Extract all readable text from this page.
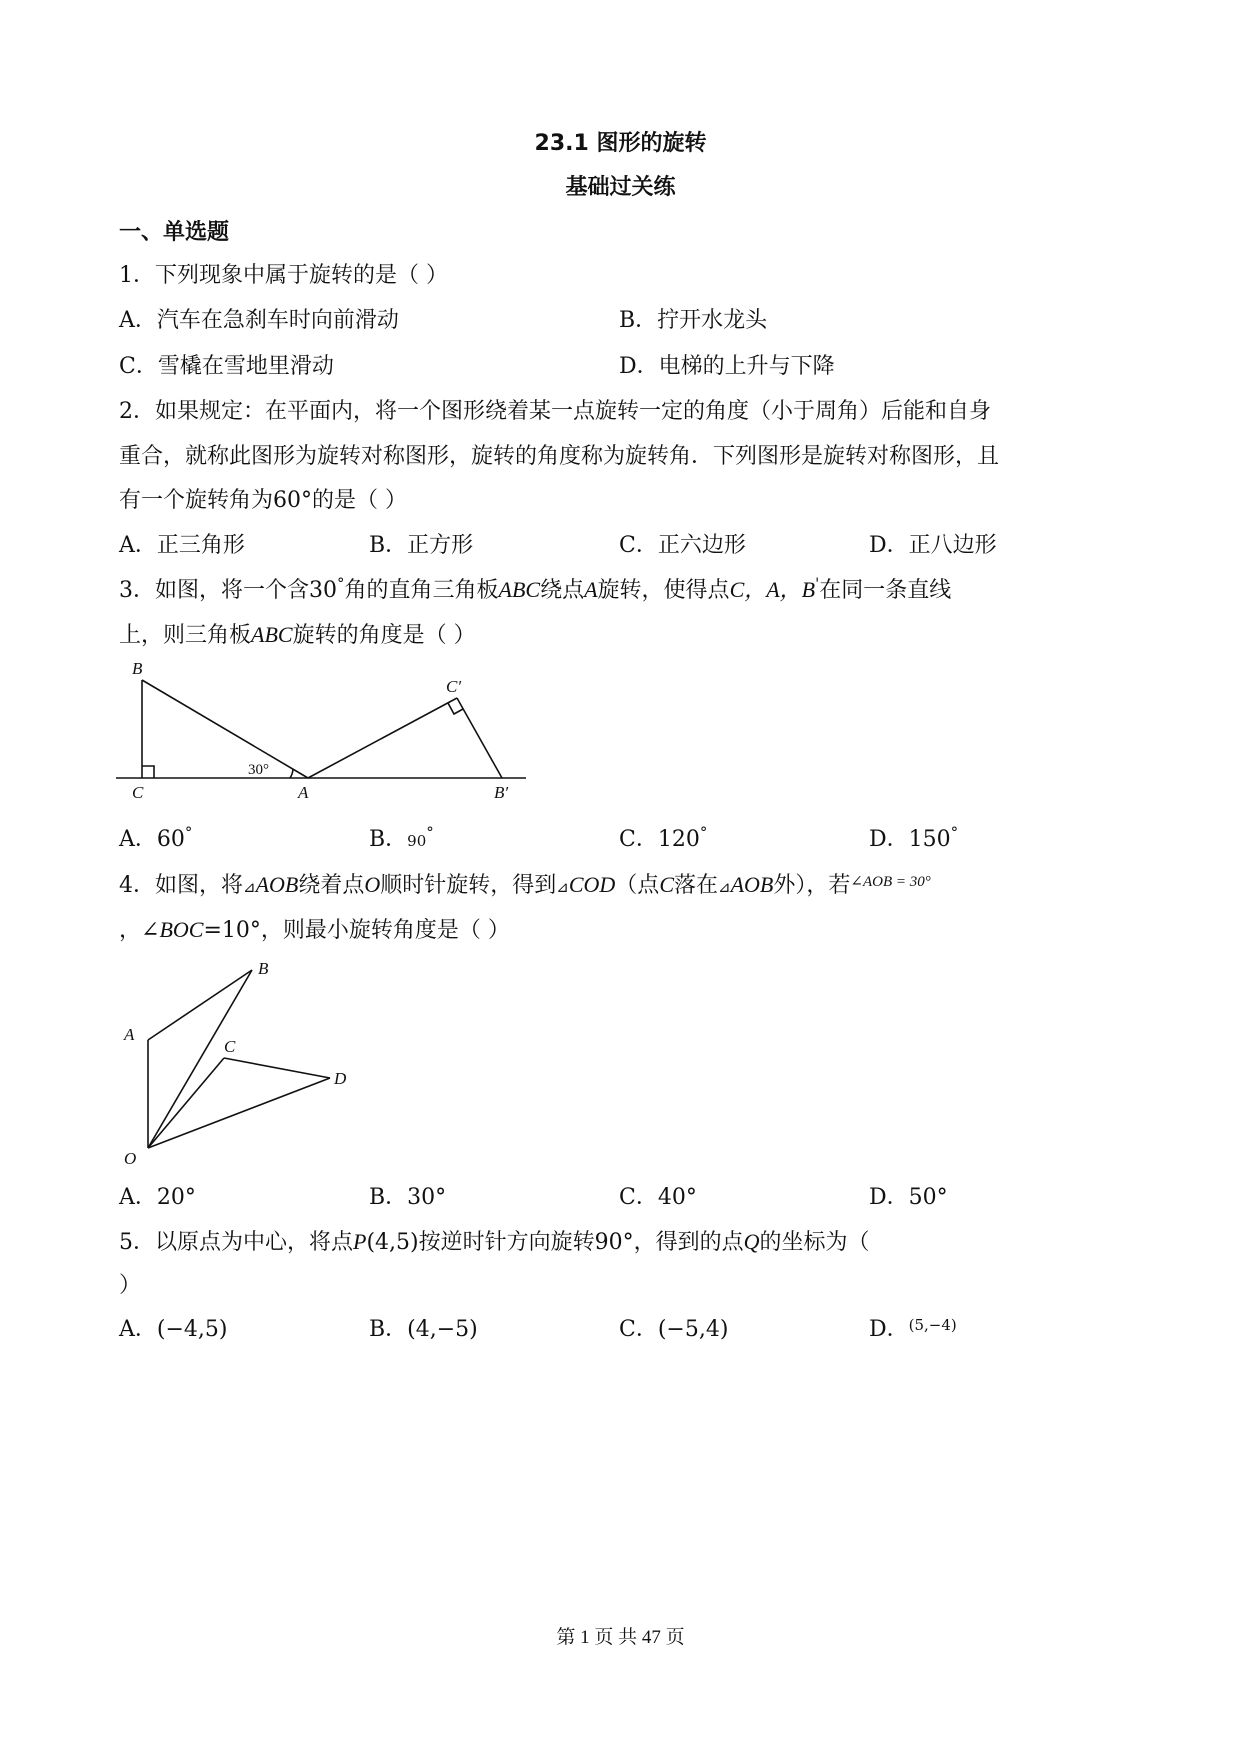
23.1 图形的旋转
基础过关练
一、单选题
1．下列现象中属于旋转的是（ ）
A．汽车在急刹车时向前滑动	B．拧开水龙头
C．雪橇在雪地里滑动	D．电梯的上升与下降
2．如果规定：在平面内，将一个图形绕着某一点旋转一定的角度（小于周角）后能和自身
重合，就称此图形为旋转对称图形，旋转的角度称为旋转角．下列图形是旋转对称图形，且
有一个旋转角为60°的是（ ）
A．正三角形	B．正方形	C．正六边形	D．正八边形
3．如图，将一个含30°角的直角三角板ABC绕点A旋转，使得点C，A，B'在同一条直线
上，则三角板ABC旋转的角度是（ ）
B
C	A
C′
B′
30°
A．60°	B．90°	C．120°	D．150°
4．如图，将⊿AOB绕着点O顺时针旋转，得到⊿COD（点C落在⊿AOB外），若$^{\angle AOB = 30^\circ}$
，∠BOC=10°，则最小旋转角度是（ ）
A
B
C
D
O
A．20°	B．30°	C．40°	D．50°
5．以原点为中心，将点P(4,5)按逆时针方向旋转90°，得到的点Q的坐标为（
）
A．(−4,5)	B．(4,−5)	C．(−5,4)	D．$^{(5,-4)}$
第 1 页 共 47 页
